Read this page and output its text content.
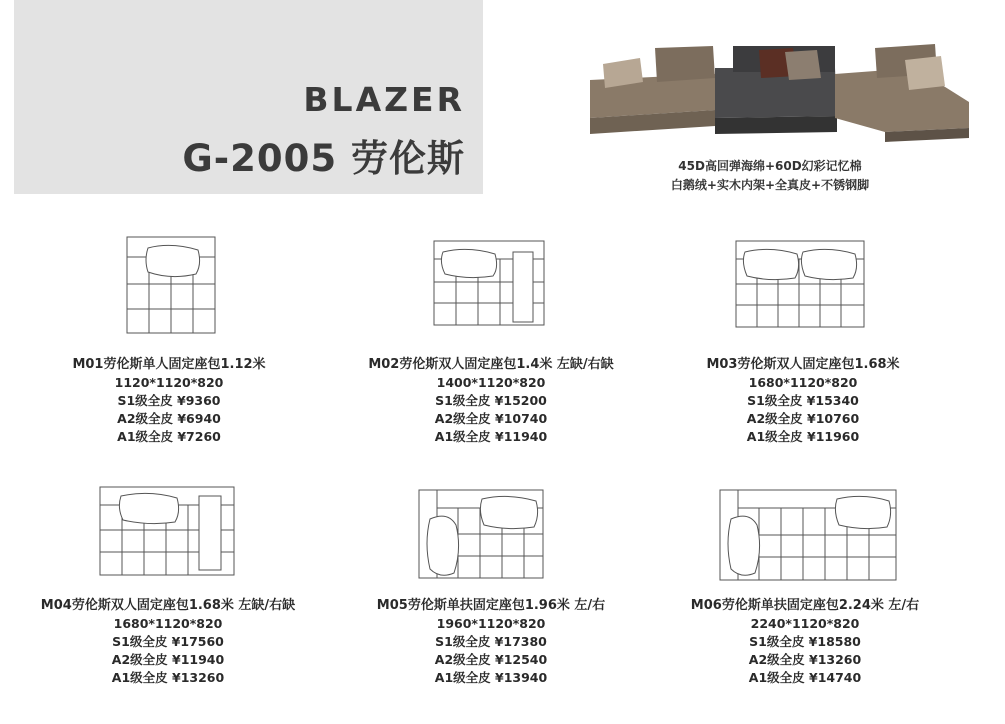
BLAZER
G-2005 劳伦斯	45D高回弹海绵+60D幻彩记忆棉
白鹅绒+实木内架+全真皮+不锈钢脚
M01劳伦斯单人固定座包1.12米
1120*1120*820
S1级全皮 ¥9360
A2级全皮 ¥6940
A1级全皮 ¥7260
M02劳伦斯双人固定座包1.4米 左缺/右缺
1400*1120*820
S1级全皮 ¥15200
A2级全皮 ¥10740
A1级全皮 ¥11940
M03劳伦斯双人固定座包1.68米
1680*1120*820
S1级全皮 ¥15340
A2级全皮 ¥10760
A1级全皮 ¥11960
M04劳伦斯双人固定座包1.68米 左缺/右缺
1680*1120*820
S1级全皮 ¥17560
A2级全皮 ¥11940
A1级全皮 ¥13260
M05劳伦斯单扶固定座包1.96米 左/右
1960*1120*820
S1级全皮 ¥17380
A2级全皮 ¥12540
A1级全皮 ¥13940
M06劳伦斯单扶固定座包2.24米 左/右
2240*1120*820
S1级全皮 ¥18580
A2级全皮 ¥13260
A1级全皮 ¥14740
